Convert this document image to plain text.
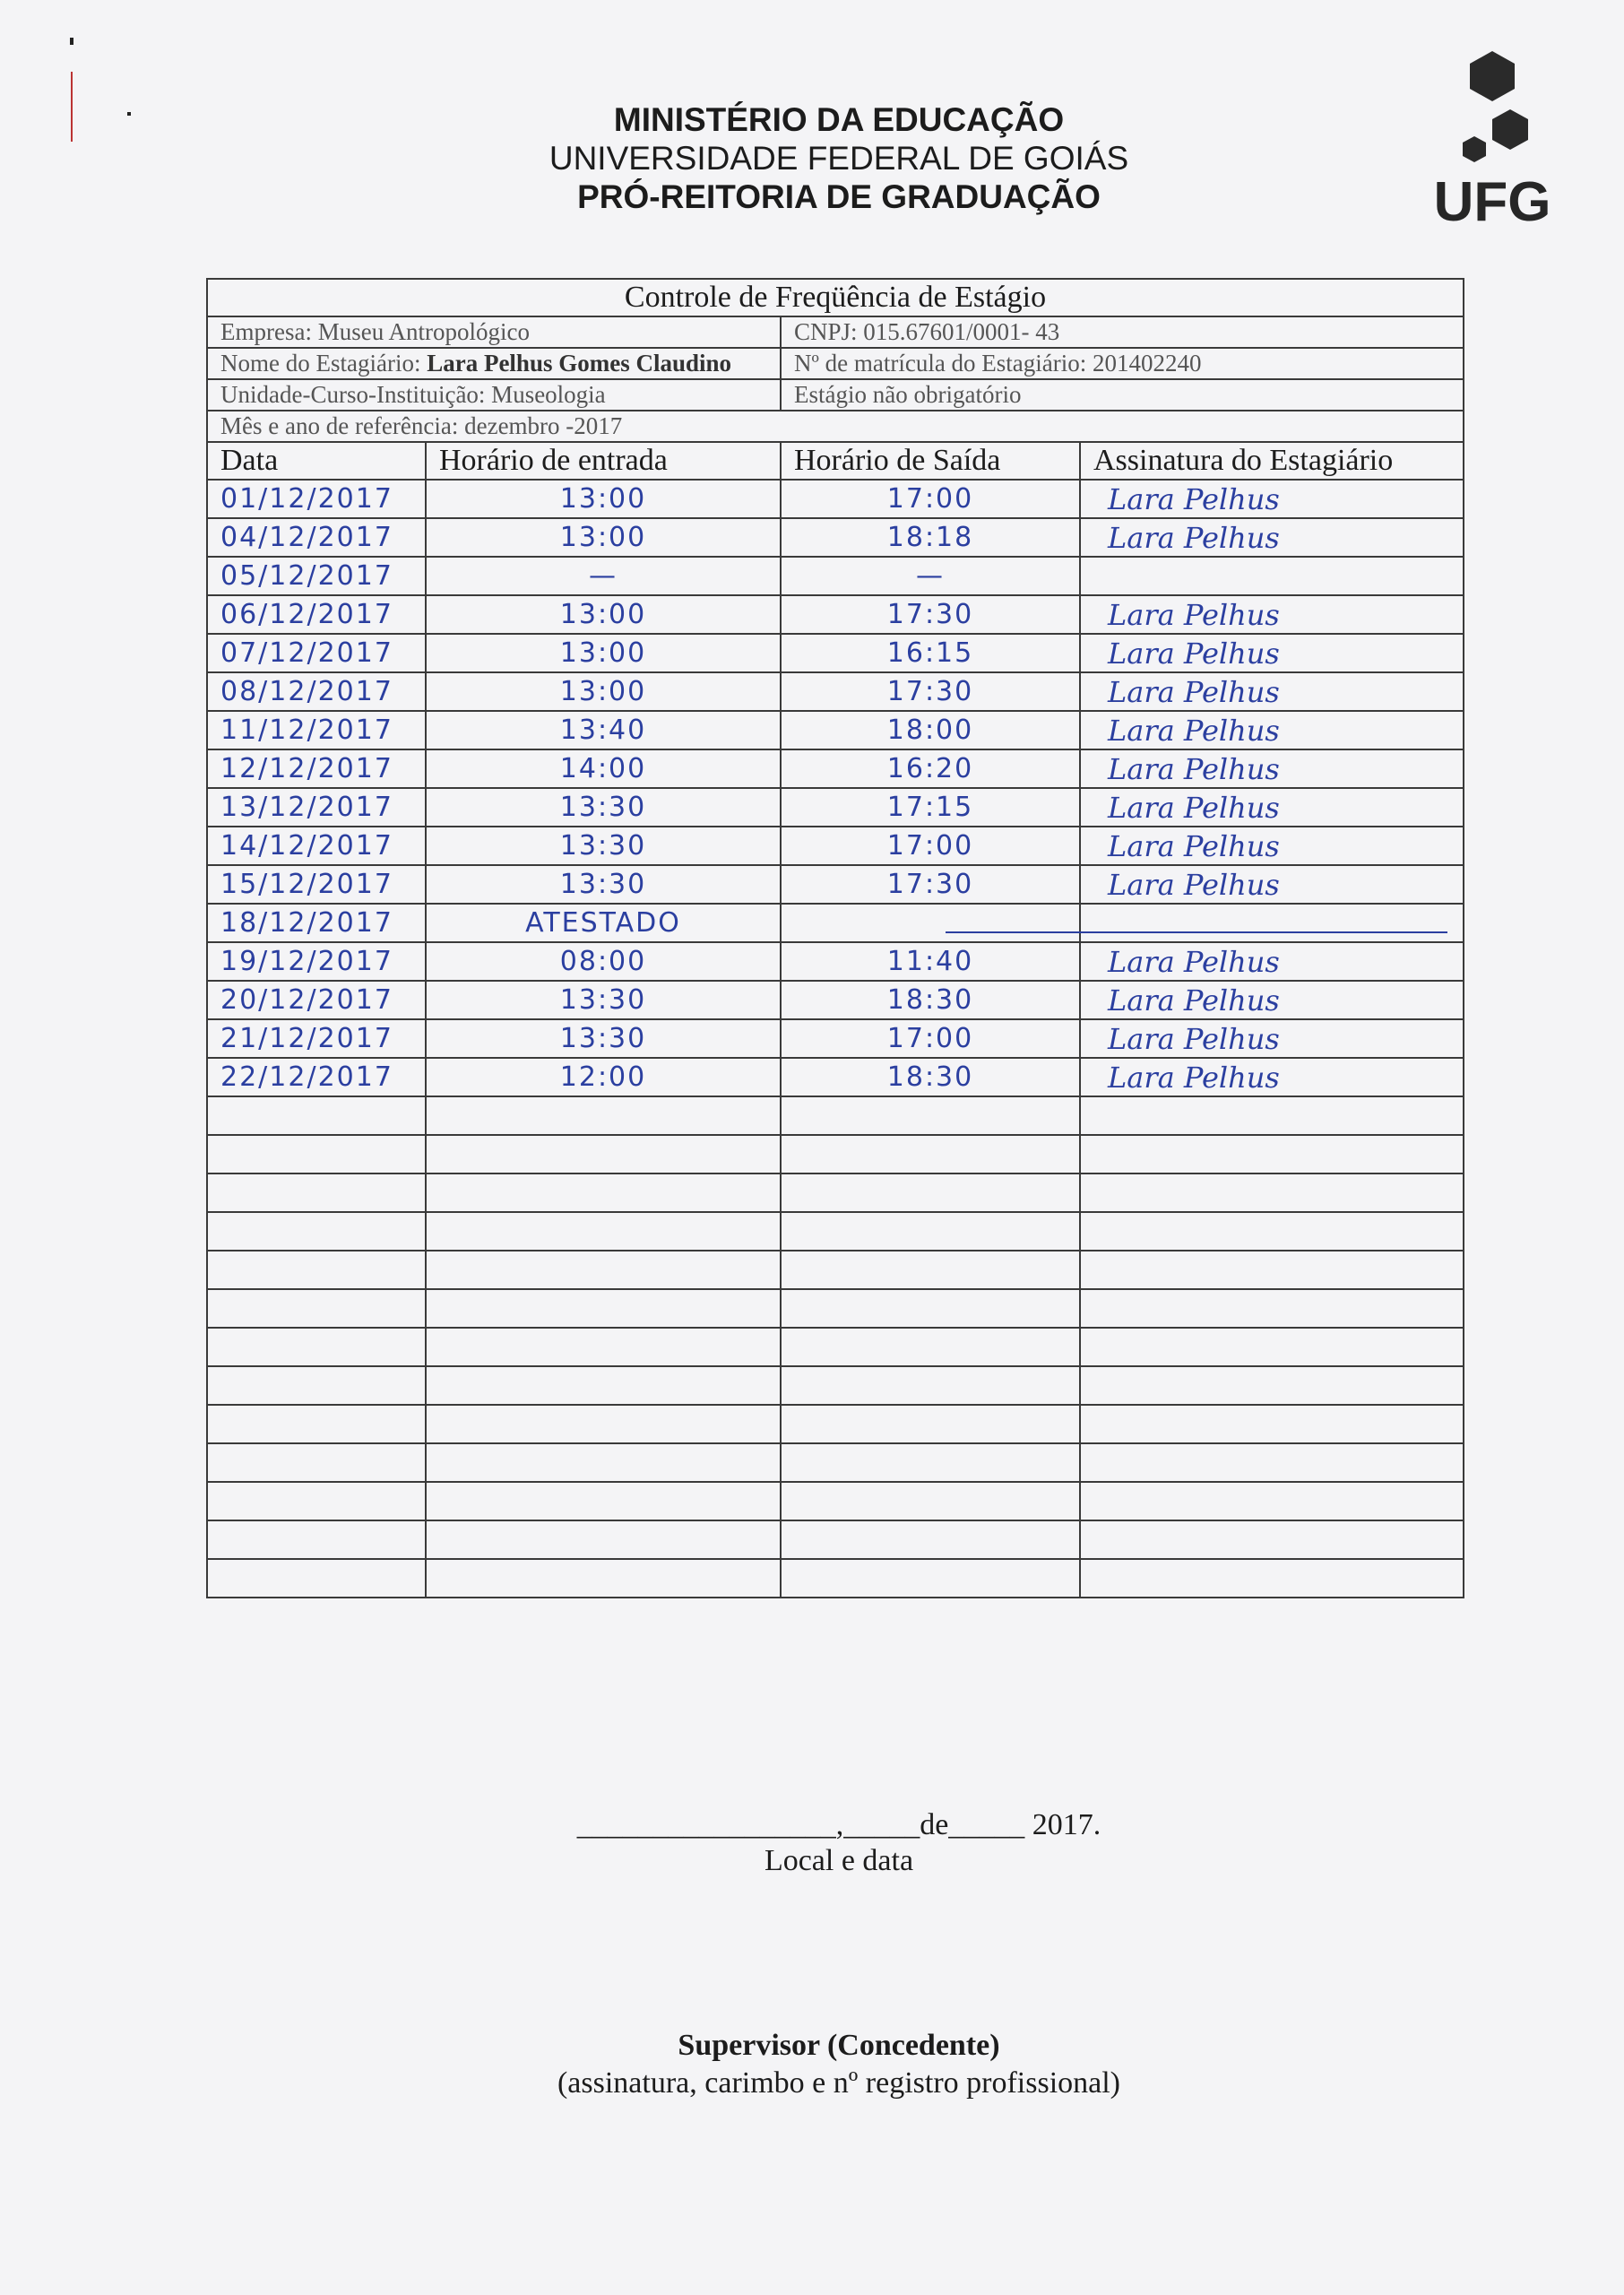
MINISTÉRIO DA EDUCAÇÃO
UNIVERSIDADE FEDERAL DE GOIÁS
PRÓ-REITORIA DE GRADUAÇÃO	UFG
Controle de Freqüência de Estágio			
Empresa: Museu Antropológico		CNPJ: 015.67601/0001- 43	
Nome do Estagiário: Lara Pelhus Gomes Claudino		Nº de matrícula do Estagiário: 201402240	
Unidade-Curso-Instituição: Museologia		Estágio não obrigatório	
Mês e ano de referência: dezembro -2017			
Data	Horário de entrada	Horário de Saída	Assinatura do Estagiário
01/12/2017	13:00	17:00	Lara Pelhus
04/12/2017	13:00	18:18	Lara Pelhus
05/12/2017	—	—	
06/12/2017	13:00	17:30	Lara Pelhus
07/12/2017	13:00	16:15	Lara Pelhus
08/12/2017	13:00	17:30	Lara Pelhus
11/12/2017	13:40	18:00	Lara Pelhus
12/12/2017	14:00	16:20	Lara Pelhus
13/12/2017	13:30	17:15	Lara Pelhus
14/12/2017	13:30	17:00	Lara Pelhus
15/12/2017	13:30	17:30	Lara Pelhus
18/12/2017	ATESTADO		
19/12/2017	08:00	11:40	Lara Pelhus
20/12/2017	13:30	18:30	Lara Pelhus
21/12/2017	13:30	17:00	Lara Pelhus
22/12/2017	12:00	18:30	Lara Pelhus

_________________,_____de_____ 2017.
Local e data
Supervisor (Concedente)
(assinatura, carimbo e nº registro profissional)
